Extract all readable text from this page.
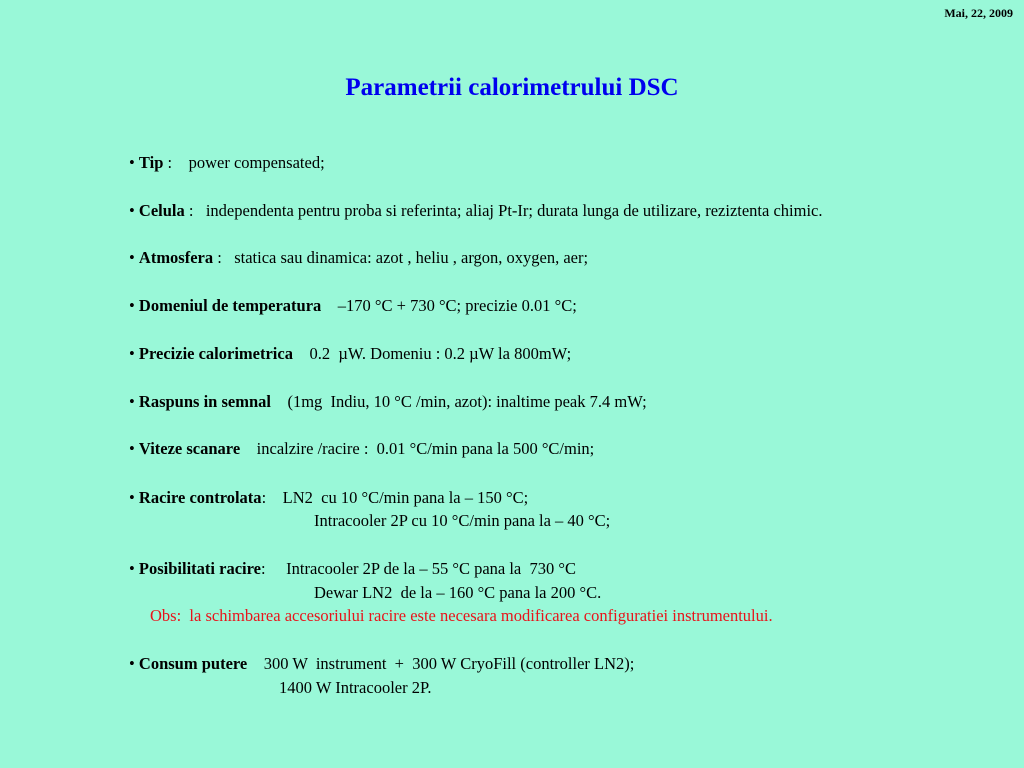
Mai, 22, 2009
Parametrii calorimetrului DSC
• Tip :    power compensated;
• Celula :   independenta pentru proba si referinta; aliaj Pt-Ir; durata lunga de utilizare, reziztenta chimic.
• Atmosfera :   statica sau dinamica: azot , heliu , argon, oxygen, aer;
• Domeniul de temperatura –170 °C + 730 °C; precizie 0.01 °C;
• Precizie calorimetrica 0.2  µW. Domeniu : 0.2 µW la 800mW;
• Raspuns in semnal (1mg  Indiu, 10 °C /min, azot): inaltime peak 7.4 mW;
• Viteze scanare incalzire /racire :  0.01 °C/min pana la 500 °C/min;
• Racire controlata:    LN2  cu 10 °C/min pana la – 150 °C;
Intracooler 2P cu 10 °C/min pana la – 40 °C;
• Posibilitati racire:     Intracooler 2P de la – 55 °C pana la  730 °C
Dewar LN2  de la – 160 °C pana la 200 °C.
Obs:  la schimbarea accesoriului racire este necesara modificarea configuratiei instrumentului.
• Consum putere 300 W  instrument  +  300 W CryoFill (controller LN2);
1400 W Intracooler 2P.
